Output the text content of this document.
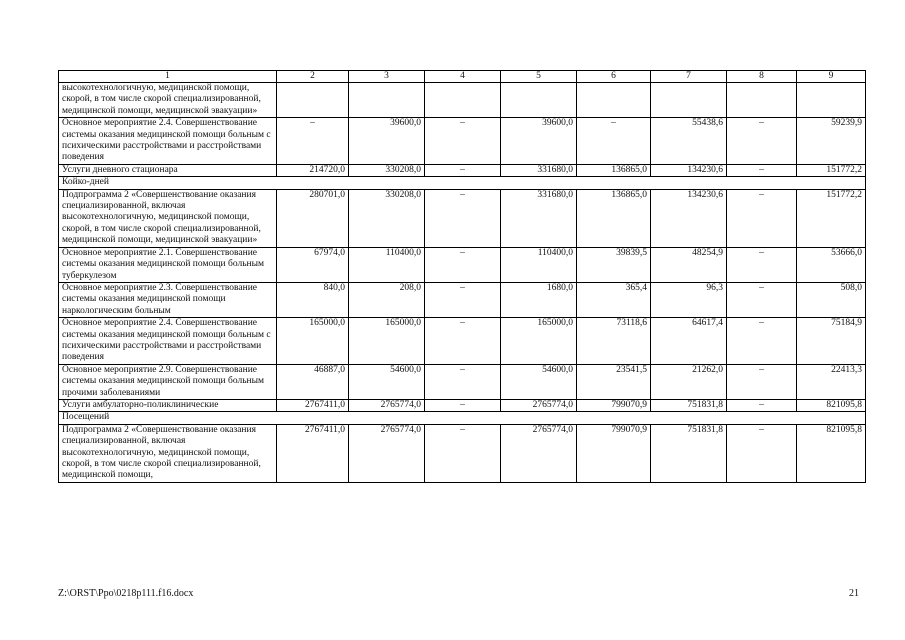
1	2	3	4	5	6	7	8	9
высокотехнологичную, медицинской помощи, скорой, в том числе скорой специализированной, медицинской помощи, медицинской эвакуации»								
Основное мероприятие 2.4. Совершенствование системы оказания медицинской помощи больным с психическими расстройствами и расстройствами поведения	–	39600,0	–	39600,0	–	55438,6	–	59239,9
Услуги дневного стационара	214720,0	330208,0	–	331680,0	136865,0	134230,6	–	151772,2
Койко-дней								
Подпрограмма 2 «Совершенствование оказания специализированной, включая высокотехнологичную, медицинской помощи, скорой, в том числе скорой специализированной, медицинской помощи, медицинской эвакуации»	280701,0	330208,0	–	331680,0	136865,0	134230,6	–	151772,2
Основное мероприятие 2.1. Совершенствование системы оказания медицинской помощи больным туберкулезом	67974,0	110400,0	–	110400,0	39839,5	48254,9	–	53666,0
Основное мероприятие 2.3. Совершенствование системы оказания медицинской помощи наркологическим больным	840,0	208,0	–	1680,0	365,4	96,3	–	508,0
Основное мероприятие 2.4. Совершенствование системы оказания медицинской помощи больным с психическими расстройствами и расстройствами поведения	165000,0	165000,0	–	165000,0	73118,6	64617,4	–	75184,9
Основное мероприятие 2.9. Совершенствование системы оказания медицинской помощи больным прочими заболеваниями	46887,0	54600,0	–	54600,0	23541,5	21262,0	–	22413,3
Услуги амбулаторно-поликлинические	2767411,0	2765774,0	–	2765774,0	799070,9	751831,8	–	821095,8
Посещений								
Подпрограмма 2 «Совершенствование оказания специализированной, включая высокотехнологичную, медицинской помощи, скорой, в том числе скорой специализированной, медицинской помощи,	2767411,0	2765774,0	–	2765774,0	799070,9	751831,8	–	821095,8
Z:\ORST\Ppo\0218p111.f16.docx	21
